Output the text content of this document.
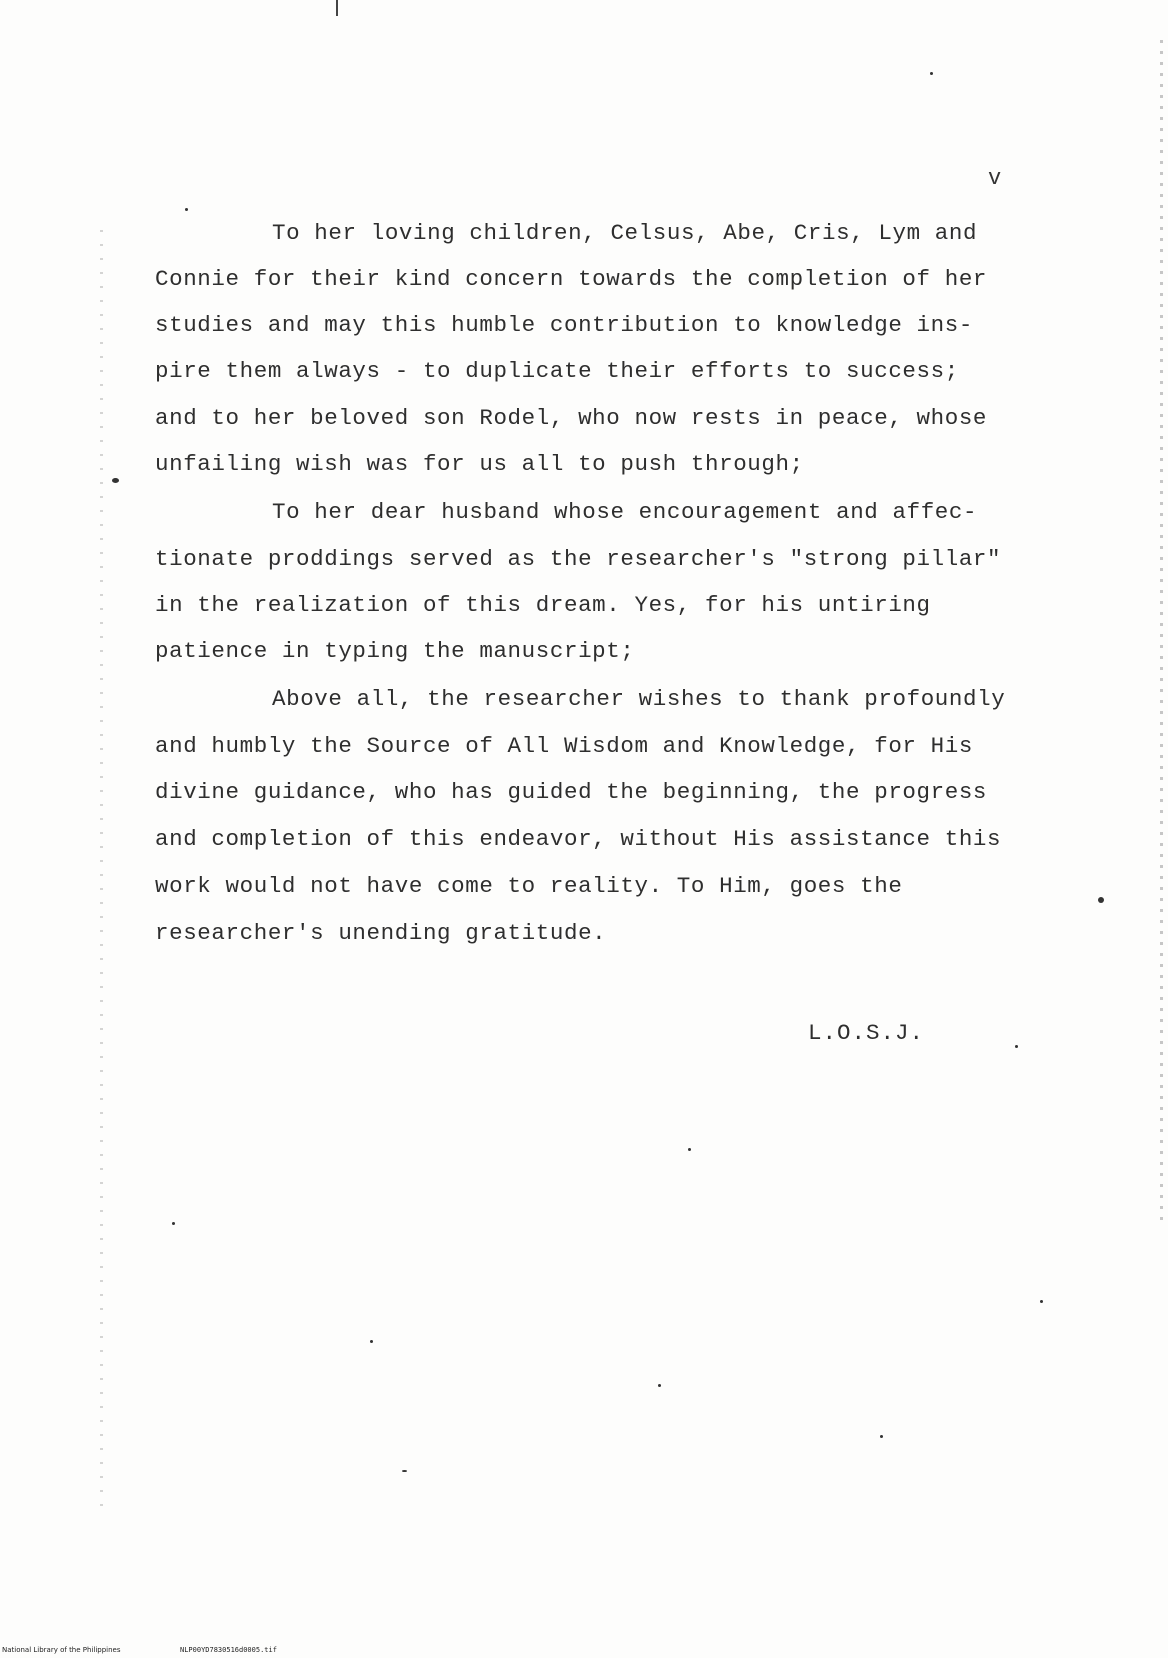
v
To her loving children, Celsus, Abe, Cris, Lym and
Connie for their kind concern towards the completion of her
studies and may this humble contribution to knowledge ins-
pire them always - to duplicate their efforts to success;
and to her beloved son Rodel, who now rests in peace, whose
unfailing wish was for us all to push through;
To her dear husband whose encouragement and affec-
tionate proddings served as the researcher's "strong pillar"
in the realization of this dream. Yes, for his untiring
patience in typing the manuscript;
Above all, the researcher wishes to thank profoundly
and humbly the Source of All Wisdom and Knowledge, for His
divine guidance, who has guided the beginning, the progress
and completion of this endeavor, without His assistance this
work would not have come to reality. To Him, goes the
researcher's unending gratitude.
L.O.S.J.
National Library of the Philippines	NLP00YD7830516d0005.tif
